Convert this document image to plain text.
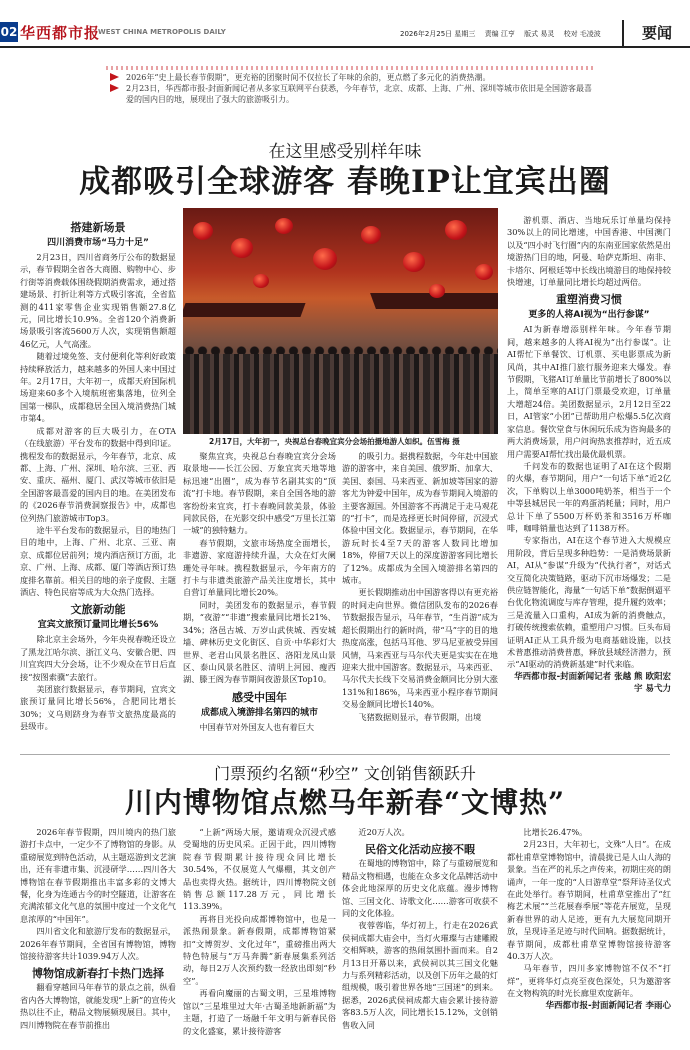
02 华西都市报
WEST CHINA METROPOLIS DAILY	2026年2月25日 星期三 责编 江亨 版式 易灵 校对 毛凌波	要闻
2026年“史上最长春节假期”，更充裕的团聚时间不仅拉长了年味的余韵，更点燃了多元化的消费热潮。
2月23日，华西都市报-封面新闻记者从多家互联网平台获悉，今年春节，北京、成都、上海、广州、深圳等城市依旧是全国游客最喜爱的国内目的地，展现出了强大的旅游吸引力。
在这里感受别样年味
成都吸引全球游客 春晚IP让宜宾出圈
搭建新场景
四川消费市场“马力十足”

2月23日，四川省商务厅公布的数据显示，春节假期全省各大商圈、购物中心、步行街等消费载体围绕假期消费需求，通过搭建场景、打折让利等方式吸引客流，全省监测的411家零售企业实现销售额27.8亿元，同比增长10.9%。全省120个消费新场景吸引客流5600万人次，实现销售额超46亿元，人气高涨。

随着过境免签、支付便利化等利好政策持续释放活力，越来越多的外国人来中国过年。2月17日，大年初一，成都天府国际机场迎来60多个入境航班密集落地，位列全国第一梯队，成都稳居全国入境消费热门城市第4。

成都对游客的巨大吸引力，在OTA（在线旅游）平台发布的数据中得到印证。携程发布的数据显示，今年春节，北京、成都、上海、广州、深圳、哈尔滨、三亚、西安、重庆、福州、厦门、武汉等城市依旧是全国游客最喜爱的国内目的地。在美团发布的《2026春节消费洞察报告》中，成都也位列热门旅游城市Top3。

途牛平台发布的数据显示，目的地热门目的地中，上海、广州、北京、三亚、南京、成都位居前列；境内酒店预订方面，北京、广州、上海、成都、厦门等酒店预订热度排名靠前。相关目的地的亲子度假、主题酒店、特色民宿等成为大众热门选择。

文旅新动能
宜宾文旅预订量同比增长56%

除北京主会场外，今年央视春晚还设立了黑龙江哈尔滨、浙江义乌、安徽合肥、四川宜宾四大分会场，让不少观众在节日后直接“按图索骥”去旅行。

美团旅行数据显示，春节期间，宜宾文旅预订量同比增长56%，合肥同比增长30%；义乌则跻身为春节文旅热度最高的县级市。

2月17日，大年初一，央视总台春晚宜宾分会场拍摄地游人如织。伍雪梅 摄

聚焦宜宾，央视总台春晚宜宾分会场取景地——长江公园、万象宜宾天地等地标迅速“出圈”，成为春节名副其实的“顶流”打卡地。春节假期，来自全国各地的游客纷纷来宜宾，打卡春晚同款美景，体验同款民俗，在光影交织中感受“万里长江第一城”的独特魅力。

春节假期，文旅市场热度全面增长，非遗游、家庭游持续升温，大众在灯火阑珊处寻年味。携程数据显示，今年南方的打卡与非遗类旅游产品关注度增长，其中自营订单量同比增长20%。

同时，美团发布的数据显示，春节假期，“夜游”“非遗”搜索量同比增长21%、34%；洛邑古城、万岁山武侠城、西安城墙、碑林历史文化街区、自贡·中华彩灯大世界、老君山风景名胜区、洛阳龙凤山景区、泰山风景名胜区、清明上河园、瘦西湖、滕王阁为春节期间夜游景区Top10。

感受中国年
成都成入境游排名第四的城市

中国春节对外国友人也有着巨大

的吸引力。据携程数据，今年赴中国旅游的游客中，来自美国、俄罗斯、加拿大、美国、泰国、马来西亚、新加坡等国家的游客尤为钟爱中国年，成为春节期间入境游的主要客源国。外国游客不再满足于走马观花的“打卡”，而是选择更长时间停留，沉浸式体验中国文化。数据显示，春节期间，在华游玩时长4至7天的游客人数同比增加18%，停留7天以上的深度游游客同比增长了12%。成都成为全国入境游排名第四的城市。

更长假期推动出中国游客得以有更充裕的时间走向世界。微信团队发布的2026春节数据报告显示，马年春节，“生肖游”成为超长假期出行的新时尚，带“马”字的目的地热度高涨，包括马耳他、罗马尼亚被受异国风情，马来西亚与马尔代夫更是实实在在地迎来大批中国游客。数据显示，马来西亚、马尔代夫长线下交易消费金额同比分别大涨131%和186%，马来西亚小程序春节期间交易金额同比增长140%。

飞猪数据则显示，春节假期，出境

游机票、酒店、当地玩乐订单量均保持30%以上的同比增速，中国香港、中国澳门以及“四小时飞行圈”内的东南亚国家依然是出境游热门目的地，阿曼、哈萨克斯坦、南非、卡塔尔、阿根廷等中长线出境游目的地保持较快增速，订单量同比增长均超过两倍。

重塑消费习惯
更多的人将AI视为“出行参谋”

AI为新春增添别样年味。今年春节期间，越来越多的人将AI视为“出行参谋”。让AI帮忙下单餐饮、订机票、买电影票成为新风尚，其中AI推门旅行服务迎来大爆发。春节假期，飞猪AI订单量比节前增长了800%以上，简单至寒的AI订门票最受欢迎，订单量大增超24倍。美团数据显示，2月12日至22日，AI管家“小团”已帮助用户松爆5.5亿次商家信息。餐饮堂食与休闲玩乐成为咨询最多的两大消费场景，用户问询热衷推荐时，近五成用户需要AI帮忙找出最优最机票。

千问发布的数据也证明了AI在这个假期的火爆，春节期间，用户“一句话下单”近2亿次，下单购以上单3000吨奶茶，相当于一个中等县城居民一年的鸡蛋消耗量；同时，用户总计下单了5500万杯奶茶和3516万杯咖啡，咖啡销量也达到了1138万杯。

专家指出，AI在这个春节进入大规模应用阶段，背后呈现多种趋势：一是消费场景新AI，AI从“参谋”升级为“代执行者”，对话式交互简化决策链路，驱动下沉市场爆发；二是供应链智能化，海量“一句话下单”数据倒逼平台优化物流调度与库存管理，提升履约效率；三是流量入口重构，AI成为新的消费触点，打破传统搜索依赖，重塑用户习惯。巨头布局证明AI正从工具升级为电商基础设施，以技术普惠推动消费普惠，释放县域经济潜力，预示“AI驱动的消费新基建”时代来临。

华西都市报-封面新闻记者 张越 熊 欧阳宏宇 易弋力
门票预约名额“秒空” 文创销售额跃升
川内博物馆点燃马年新春“文博热”

2026年春节假期，四川境内的热门旅游打卡点中，一定少不了博物馆的身影。从重磅展览到特色活动，从主题巡游到文艺演出，还有非遗市集、沉浸研学……四川各大博物馆在春节假期推出丰富多彩的文博大餐，化身为连通古今的时空隧道，让游客在充满浓郁文化气息的氛围中度过一个文化气息浓厚的“中国年”。

四川省文化和旅游厅发布的数据显示，2026年春节期间，全省国有博物馆，博物馆接待游客共计1039.94万人次。

博物馆成新春打卡热门选择

翻看穿越回马年春节的景点之前，纵看省内各大博物馆，就能发现“上新”的宣传火热以往不止，精品文物展频现展目。其中，四川博物院在春节前推出

“上新”两场大展，邀请观众沉浸式感受蜀地的历史风采。正因于此，四川博物院春节假期累计接待现众同比增长30.54%，不仅展览人气爆棚，其文创产品也卖得火热。据统计，四川博物院文创销售总额117.28万元，同比增长113.39%。

再将目光投向成都博物馆中，也是一派热闹景象。新春假期，成都博物馆紧扣“文博贺岁、文化过年”，重磅推出两大特色特展与“万马奔腾”新春展集系列活动，每日2万人次预约数一经放出即刻“秒空”。

再看向魔丽的古蜀文明，三星堆博物馆以“三星堆里过大年·古蜀圣地新新福”为主题，打造了一场融千年文明与新春民俗的文化盛宴，累计接待游客

近20万人次。

民俗文化活动应接不暇

在蜀地的博物馆中，除了与重磅展览和精品文物相遇，也能在众多文化品牌活动中体会此地深厚的历史文化底蕴。漫步博物馆、三国文化、诗歌文化……游客可收获不同的文化体验。

夜蓉蓉临，华灯初上，行走在2026武侯祠成都大庙会中，当灯火璀璨与古建雕殿交相辉映，游客的热闹氛围扑面而来。自2月13日开幕以来，武侯祠以其三国文化魅力与系列精彩活动，以及创下历年之最的灯组规模，吸引着世界各地“三国迷”的到来。据悉，2026武侯祠成都大庙会累计接待游客83.5万人次，同比增长15.12%，文创销售收入同

比增长26.47%。

2月23日，大年初七，文殊“人日”。在成都杜甫草堂博物馆中，清晨拢已是人山人海的景象。当在严的礼乐之声传来，初期庄亮的朗诵声，一年一度的“人日游草堂”祭拜诗圣仪式在此处举行。春节期间，杜甫草堂推出了“红梅艺术展”“兰花展春季展”等花卉展览，呈现新春世界的动人足迹，更有九大展览同期开放，呈现诗圣足迹与时代回响。据数据统计，春节期间，成都杜甫草堂博物馆接待游客40.3万人次。

马年春节，四川多家博物馆不仅不“打烊”，更将华灯点亮至夜色深处，只为邀游客在文物构筑的时光长廊里欢度新年。

华西都市报-封面新闻记者 李雨心
